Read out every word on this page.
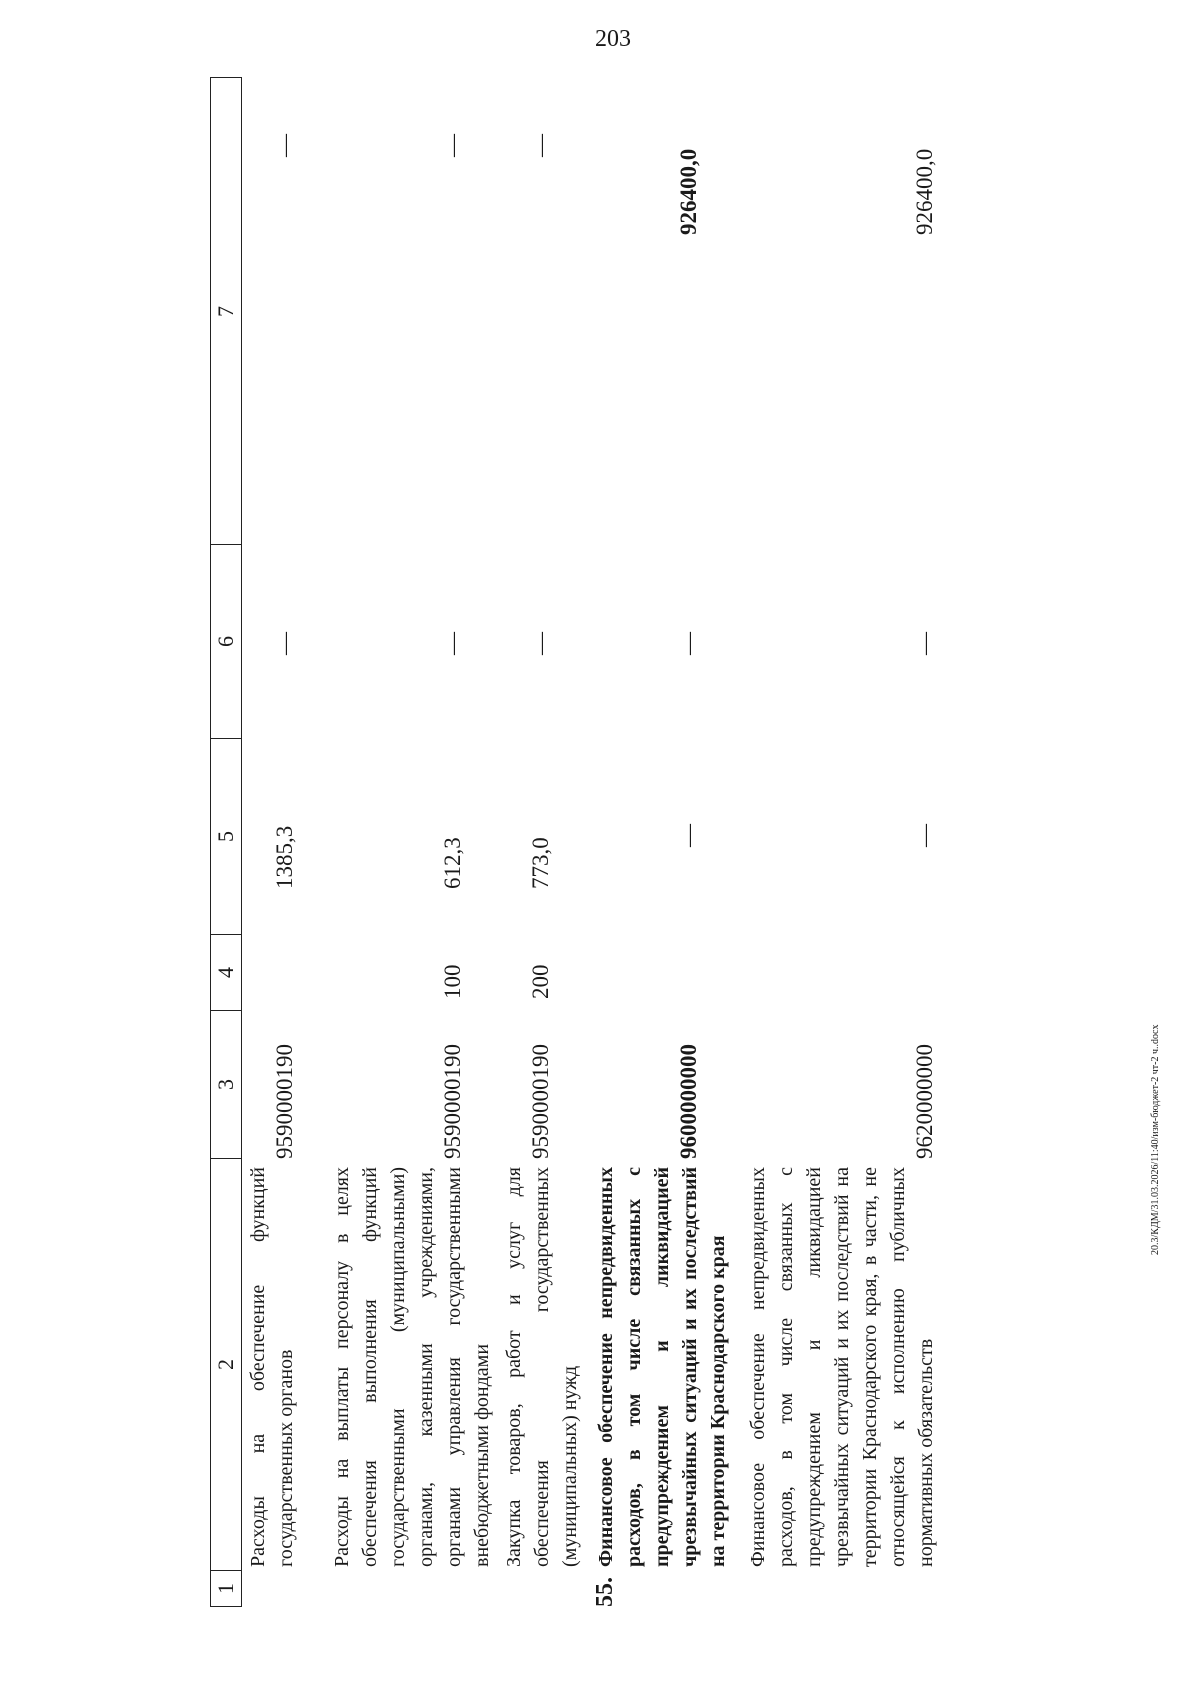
203
20.3/КДМ/31.03.2026/11:40/изм-бюджет-2 чт-2 ч..docx
1
2
3
4
5
6
7
Расходы на обеспечение функций государственных органов
9590000190
1385,3
—
—
Расходы на выплаты персоналу в целях обеспечения выполнения функций государственными (муниципальными) органами, казенными учреждениями, органами управления государственными внебюджетными фондами
9590000190
100
612,3
—
—
Закупка товаров, работ и услуг для обеспечения государственных (муниципальных) нужд
9590000190
200
773,0
—
—
55.
Финансовое обеспечение непредвиденных расходов, в том числе связанных с предупреждением и ликвидацией чрезвычайных ситуаций и их последствий на территории Краснодарского края
9600000000
—
—
926400,0
Финансовое обеспечение непредвиденных расходов, в том числе связанных с предупреждением и ликвидацией чрезвычайных ситуаций и их последствий на территории Краснодарского края, в части, не относящейся к исполнению публичных нормативных обязательств
9620000000
—
—
926400,0
